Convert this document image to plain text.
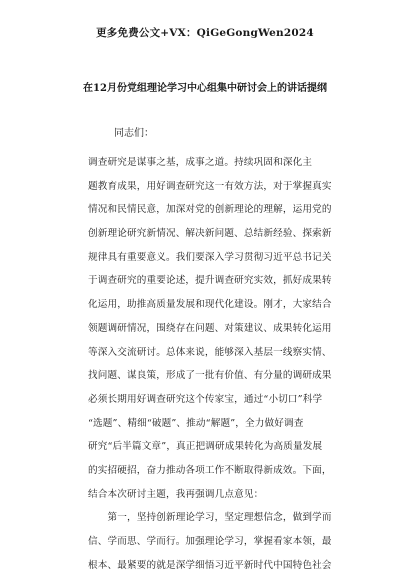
更多免费公文+VX：QiGeGongWen2024
在12月份党组理论学习中心组集中研讨会上的讲话提纲
同志们：
调查研究是谋事之基，成事之道。持续巩固和深化主
题教育成果，用好调查研究这一有效方法，对于掌握真实
情况和民情民意，加深对党的创新理论的理解，运用党的
创新理论研究新情况、解决新问题、总结新经验、探索新
规律具有重要意义。我们要深入学习贯彻习近平总书记关
于调查研究的重要论述，提升调查研究实效，抓好成果转
化运用，助推高质量发展和现代化建设。刚才，大家结合
领题调研情况，围绕存在问题、对策建议、成果转化运用
等深入交流研讨。总体来说，能够深入基层一线察实情、
找问题、谋良策，形成了一批有价值、有分量的调研成果
必须长期用好调查研究这个传家宝，通过“小切口”科学
“选题”、精细“破题”、推动“解题”，全力做好调查
研究“后半篇文章”，真正把调研成果转化为高质量发展
的实招硬招，奋力推动各项工作不断取得新成效。下面，
结合本次研讨主题，我再强调几点意见：
　　第一，坚持创新理论学习，坚定理想信念，做到学而
信、学而思、学而行。加强理论学习，掌握看家本领，最
根本、最紧要的就是深学细悟习近平新时代中国特色社会
